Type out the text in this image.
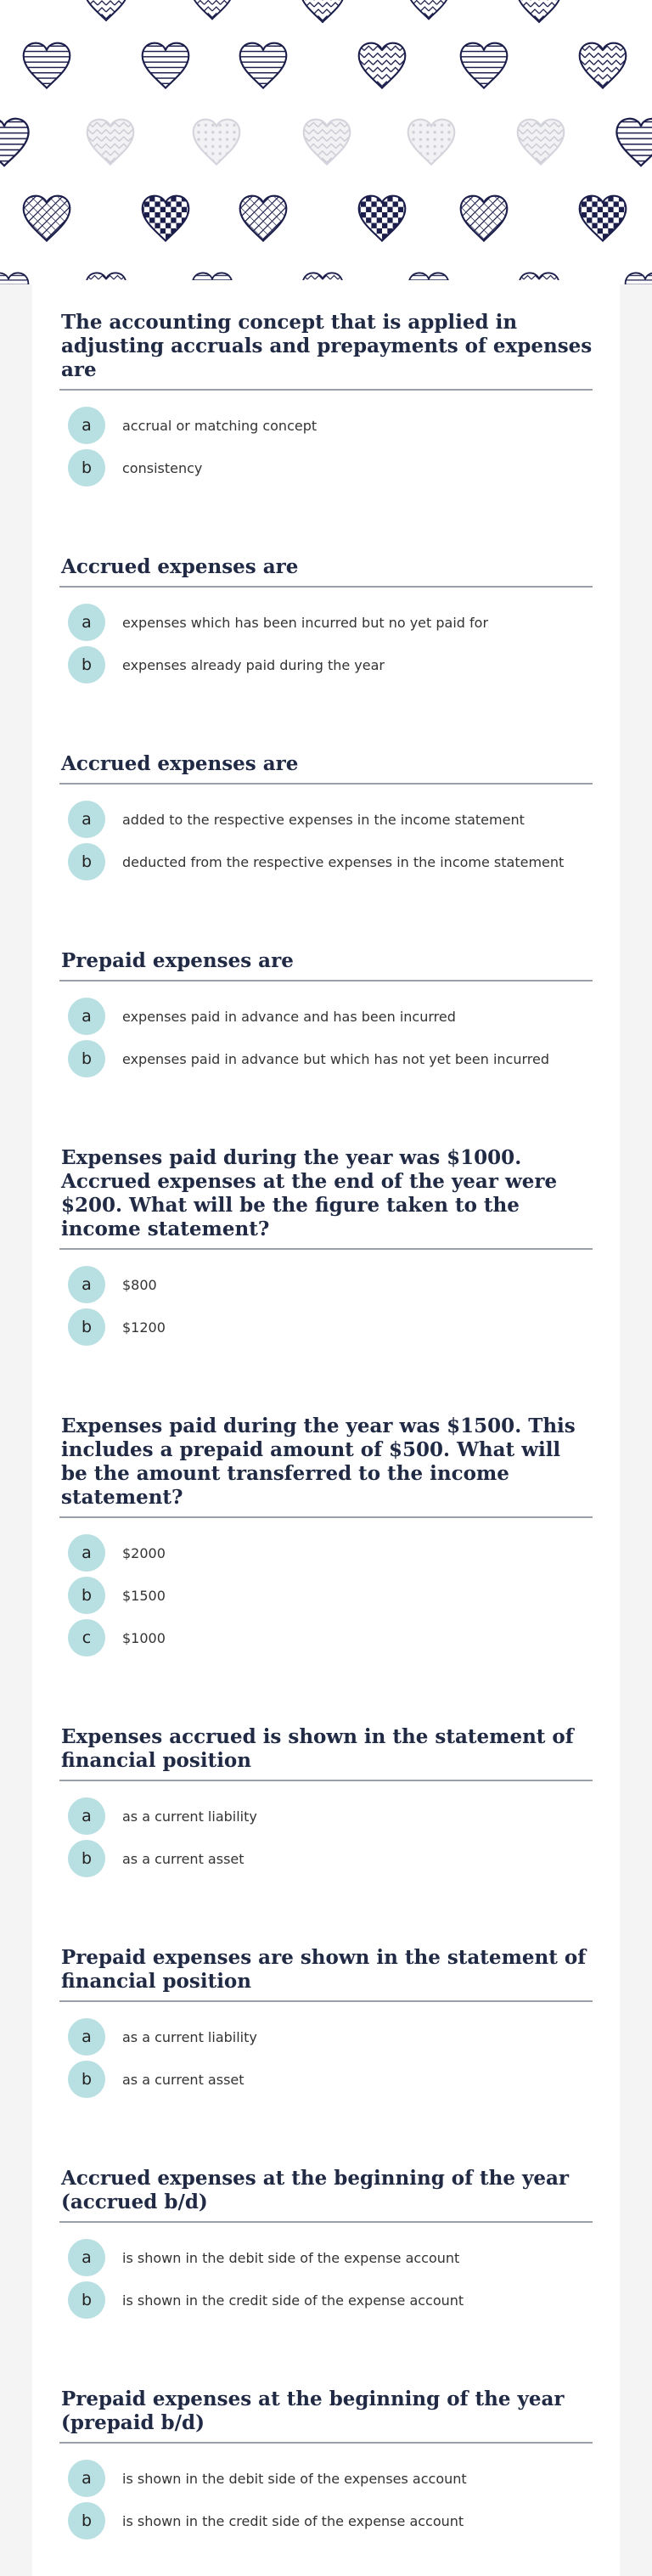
The accounting concept that is applied in adjusting accruals and prepayments of expenses are
a	accrual or matching concept
b	consistency
Accrued expenses are
a	expenses which has been incurred but no yet paid for
b	expenses already paid during the year
Accrued expenses are
a	added to the respective expenses in the income statement
b	deducted from the respective expenses in the income statement
Prepaid expenses are
a	expenses paid in advance and has been incurred
b	expenses paid in advance but which has not yet been incurred
Expenses paid during the year was $1000. Accrued expenses at the end of the year were $200. What will be the figure taken to the income statement?
a	$800
b	$1200
Expenses paid during the year was $1500. This includes a prepaid amount of $500. What will be the amount transferred to the income statement?
a	$2000
b	$1500
c	$1000
Expenses accrued is shown in the statement of financial position
a	as a current liability
b	as a current asset
Prepaid expenses are shown in the statement of financial position
a	as a current liability
b	as a current asset
Accrued expenses at the beginning of the year (accrued b/d)
a	is shown in the debit side of the expense account
b	is shown in the credit side of the expense account
Prepaid expenses at the beginning of the year (prepaid b/d)
a	is shown in the debit side of the expenses account
b	is shown in the credit side of the expense account
